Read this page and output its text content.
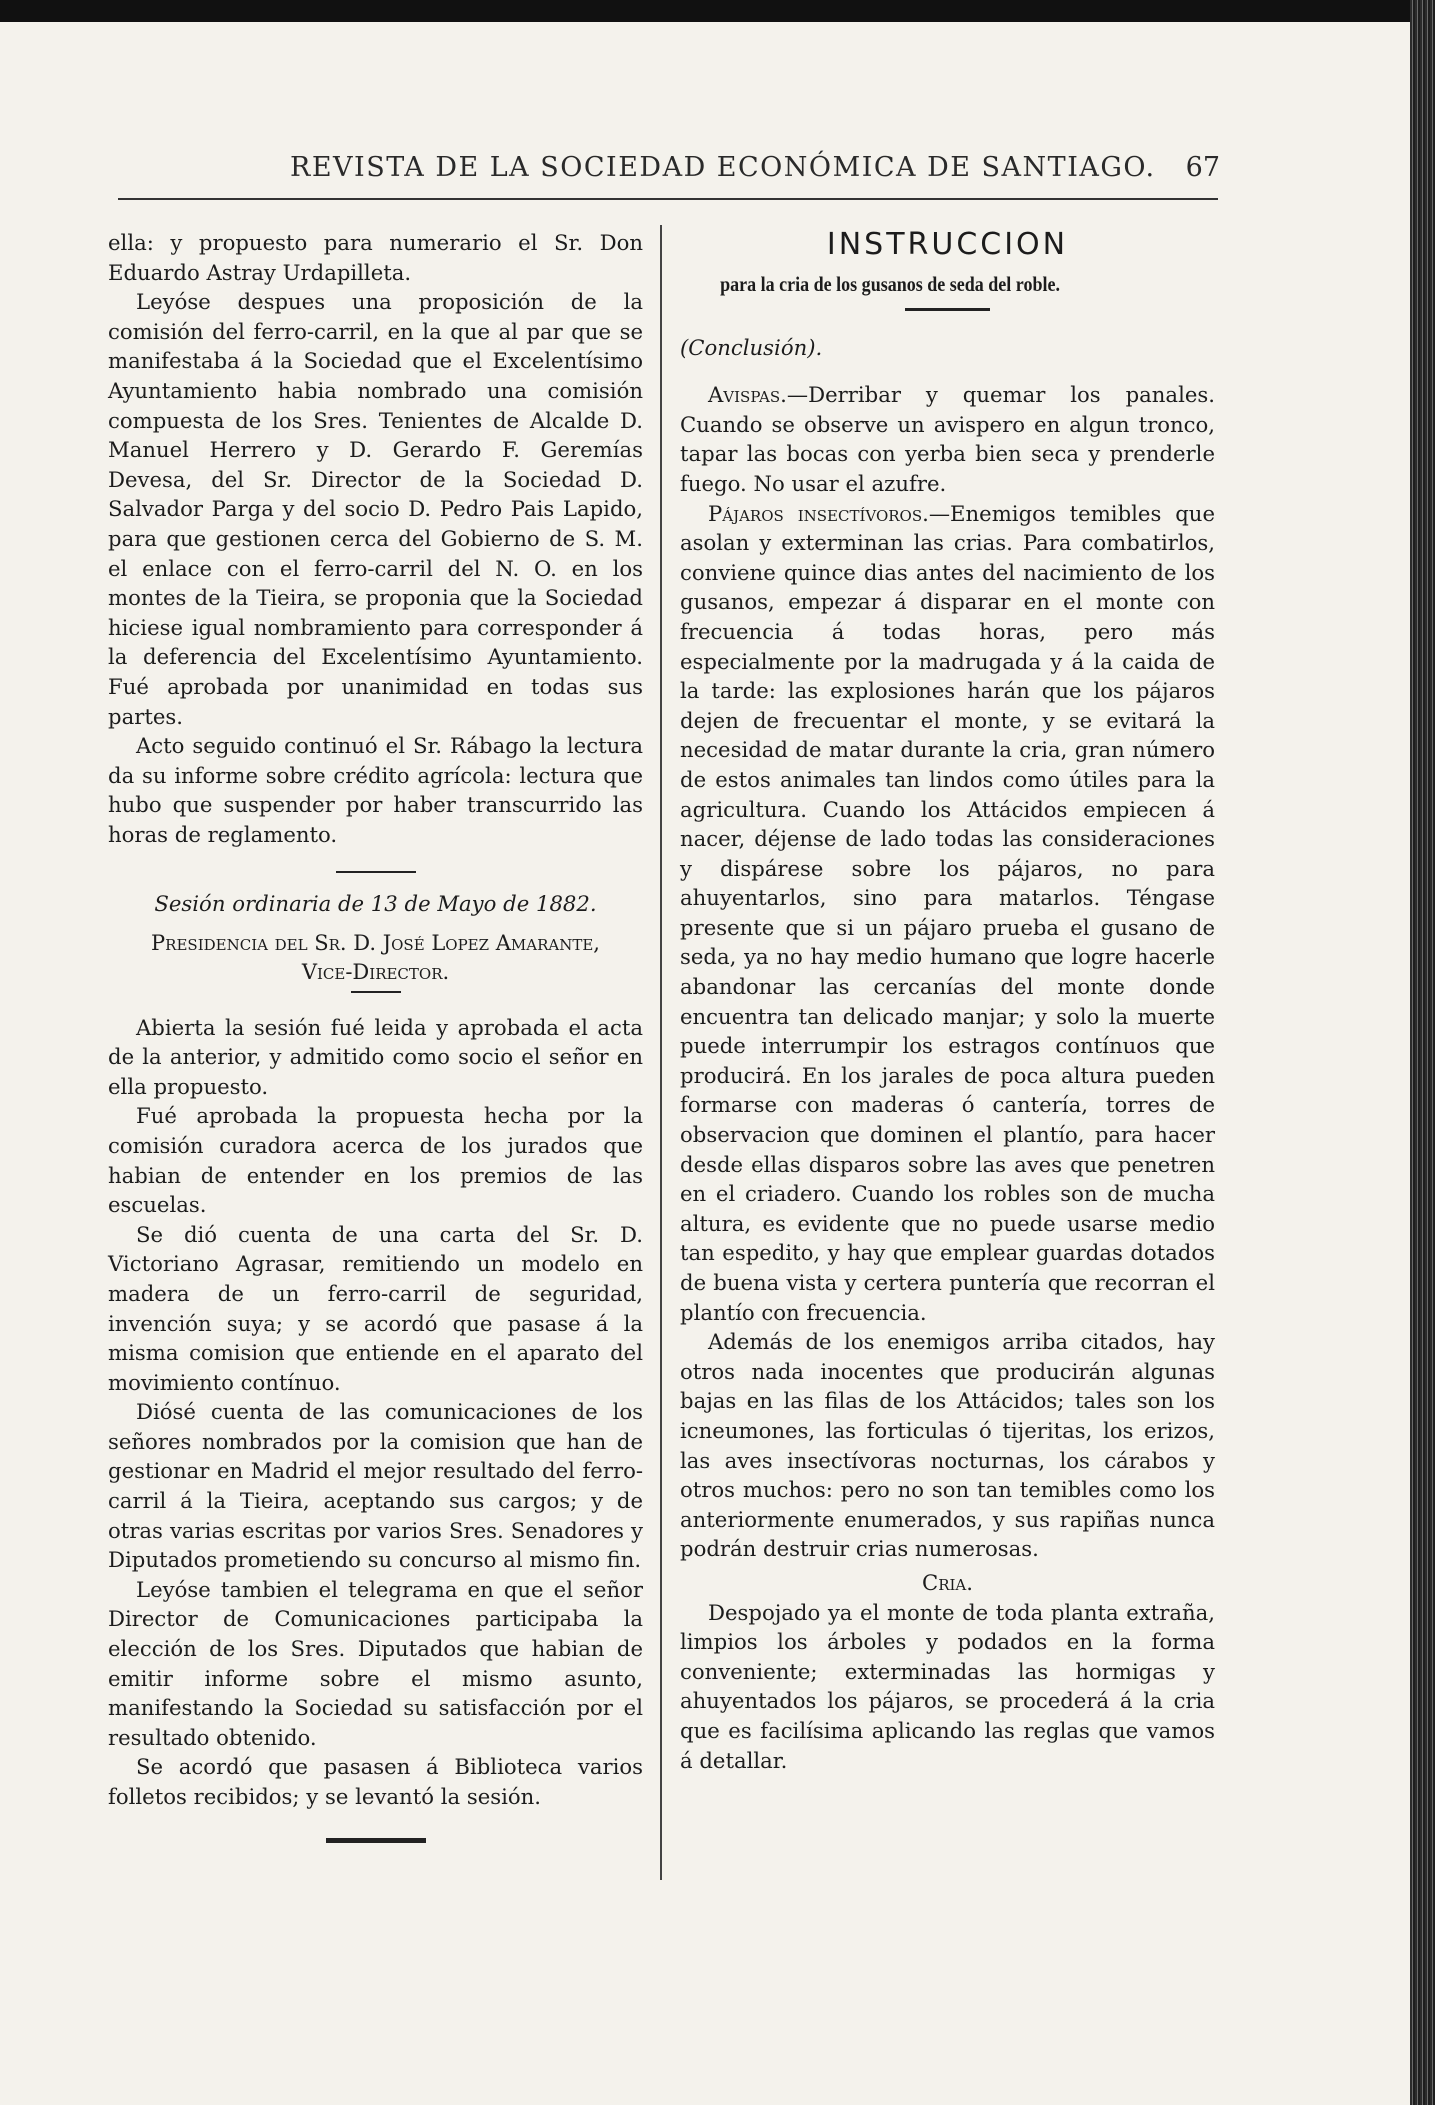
REVISTA DE LA SOCIEDAD ECONÓMICA DE SANTIAGO. 67

ella: y propuesto para numerario el Sr. Don Eduardo Astray Urdapilleta.

Leyóse despues una proposición de la comisión del ferro-carril, en la que al par que se manifestaba á la Sociedad que el Excelentísimo Ayuntamiento habia nombrado una comisión compuesta de los Sres. Tenientes de Alcalde D. Manuel Herrero y D. Gerardo F. Geremías Devesa, del Sr. Director de la Sociedad D. Salvador Parga y del socio D. Pedro Pais Lapido, para que gestionen cerca del Gobierno de S. M. el enlace con el ferro-carril del N. O. en los montes de la Tieira, se proponia que la Sociedad hiciese igual nombramiento para corresponder á la deferencia del Excelentísimo Ayuntamiento. Fué aprobada por unanimidad en todas sus partes.

Acto seguido continuó el Sr. Rábago la lectura da su informe sobre crédito agrícola: lectura que hubo que suspender por haber transcurrido las horas de reglamento.

Sesión ordinaria de 13 de Mayo de 1882.

Presidencia del Sr. D. José Lopez Amarante,
Vice-Director.

Abierta la sesión fué leida y aprobada el acta de la anterior, y admitido como socio el señor en ella propuesto.

Fué aprobada la propuesta hecha por la comisión curadora acerca de los jurados que habian de entender en los premios de las escuelas.

Se dió cuenta de una carta del Sr. D. Victoriano Agrasar, remitiendo un modelo en madera de un ferro-carril de seguridad, invención suya; y se acordó que pasase á la misma comision que entiende en el aparato del movimiento contínuo.

Diósé cuenta de las comunicaciones de los señores nombrados por la comision que han de gestionar en Madrid el mejor resultado del ferro-carril á la Tieira, aceptando sus cargos; y de otras varias escritas por varios Sres. Senadores y Diputados prometiendo su concurso al mismo fin.

Leyóse tambien el telegrama en que el señor Director de Comunicaciones participaba la elección de los Sres. Diputados que habian de emitir informe sobre el mismo asunto, manifestando la Sociedad su satisfacción por el resultado obtenido.

Se acordó que pasasen á Biblioteca varios folletos recibidos; y se levantó la sesión.

INSTRUCCION

para la cria de los gusanos de seda del roble.

(Conclusión).

Avispas.—Derribar y quemar los panales. Cuando se observe un avispero en algun tronco, tapar las bocas con yerba bien seca y prenderle fuego. No usar el azufre.

Pájaros insectívoros.—Enemigos temibles que asolan y exterminan las crias. Para combatirlos, conviene quince dias antes del nacimiento de los gusanos, empezar á disparar en el monte con frecuencia á todas horas, pero más especialmente por la madrugada y á la caida de la tarde: las explosiones harán que los pájaros dejen de frecuentar el monte, y se evitará la necesidad de matar durante la cria, gran número de estos animales tan lindos como útiles para la agricultura. Cuando los Attácidos empiecen á nacer, déjense de lado todas las consideraciones y dispárese sobre los pájaros, no para ahuyentarlos, sino para matarlos. Téngase presente que si un pájaro prueba el gusano de seda, ya no hay medio humano que logre hacerle abandonar las cercanías del monte donde encuentra tan delicado manjar; y solo la muerte puede interrumpir los estragos contínuos que producirá. En los jarales de poca altura pueden formarse con maderas ó cantería, torres de observacion que dominen el plantío, para hacer desde ellas disparos sobre las aves que penetren en el criadero. Cuando los robles son de mucha altura, es evidente que no puede usarse medio tan espedito, y hay que emplear guardas dotados de buena vista y certera puntería que recorran el plantío con frecuencia.

Además de los enemigos arriba citados, hay otros nada inocentes que producirán algunas bajas en las filas de los Attácidos; tales son los icneumones, las forticulas ó tijeritas, los erizos, las aves insectívoras nocturnas, los cárabos y otros muchos: pero no son tan temibles como los anteriormente enumerados, y sus rapiñas nunca podrán destruir crias numerosas.

Cria.

Despojado ya el monte de toda planta extraña, limpios los árboles y podados en la forma conveniente; exterminadas las hormigas y ahuyentados los pájaros, se procederá á la cria que es facilísima aplicando las reglas que vamos á detallar.
